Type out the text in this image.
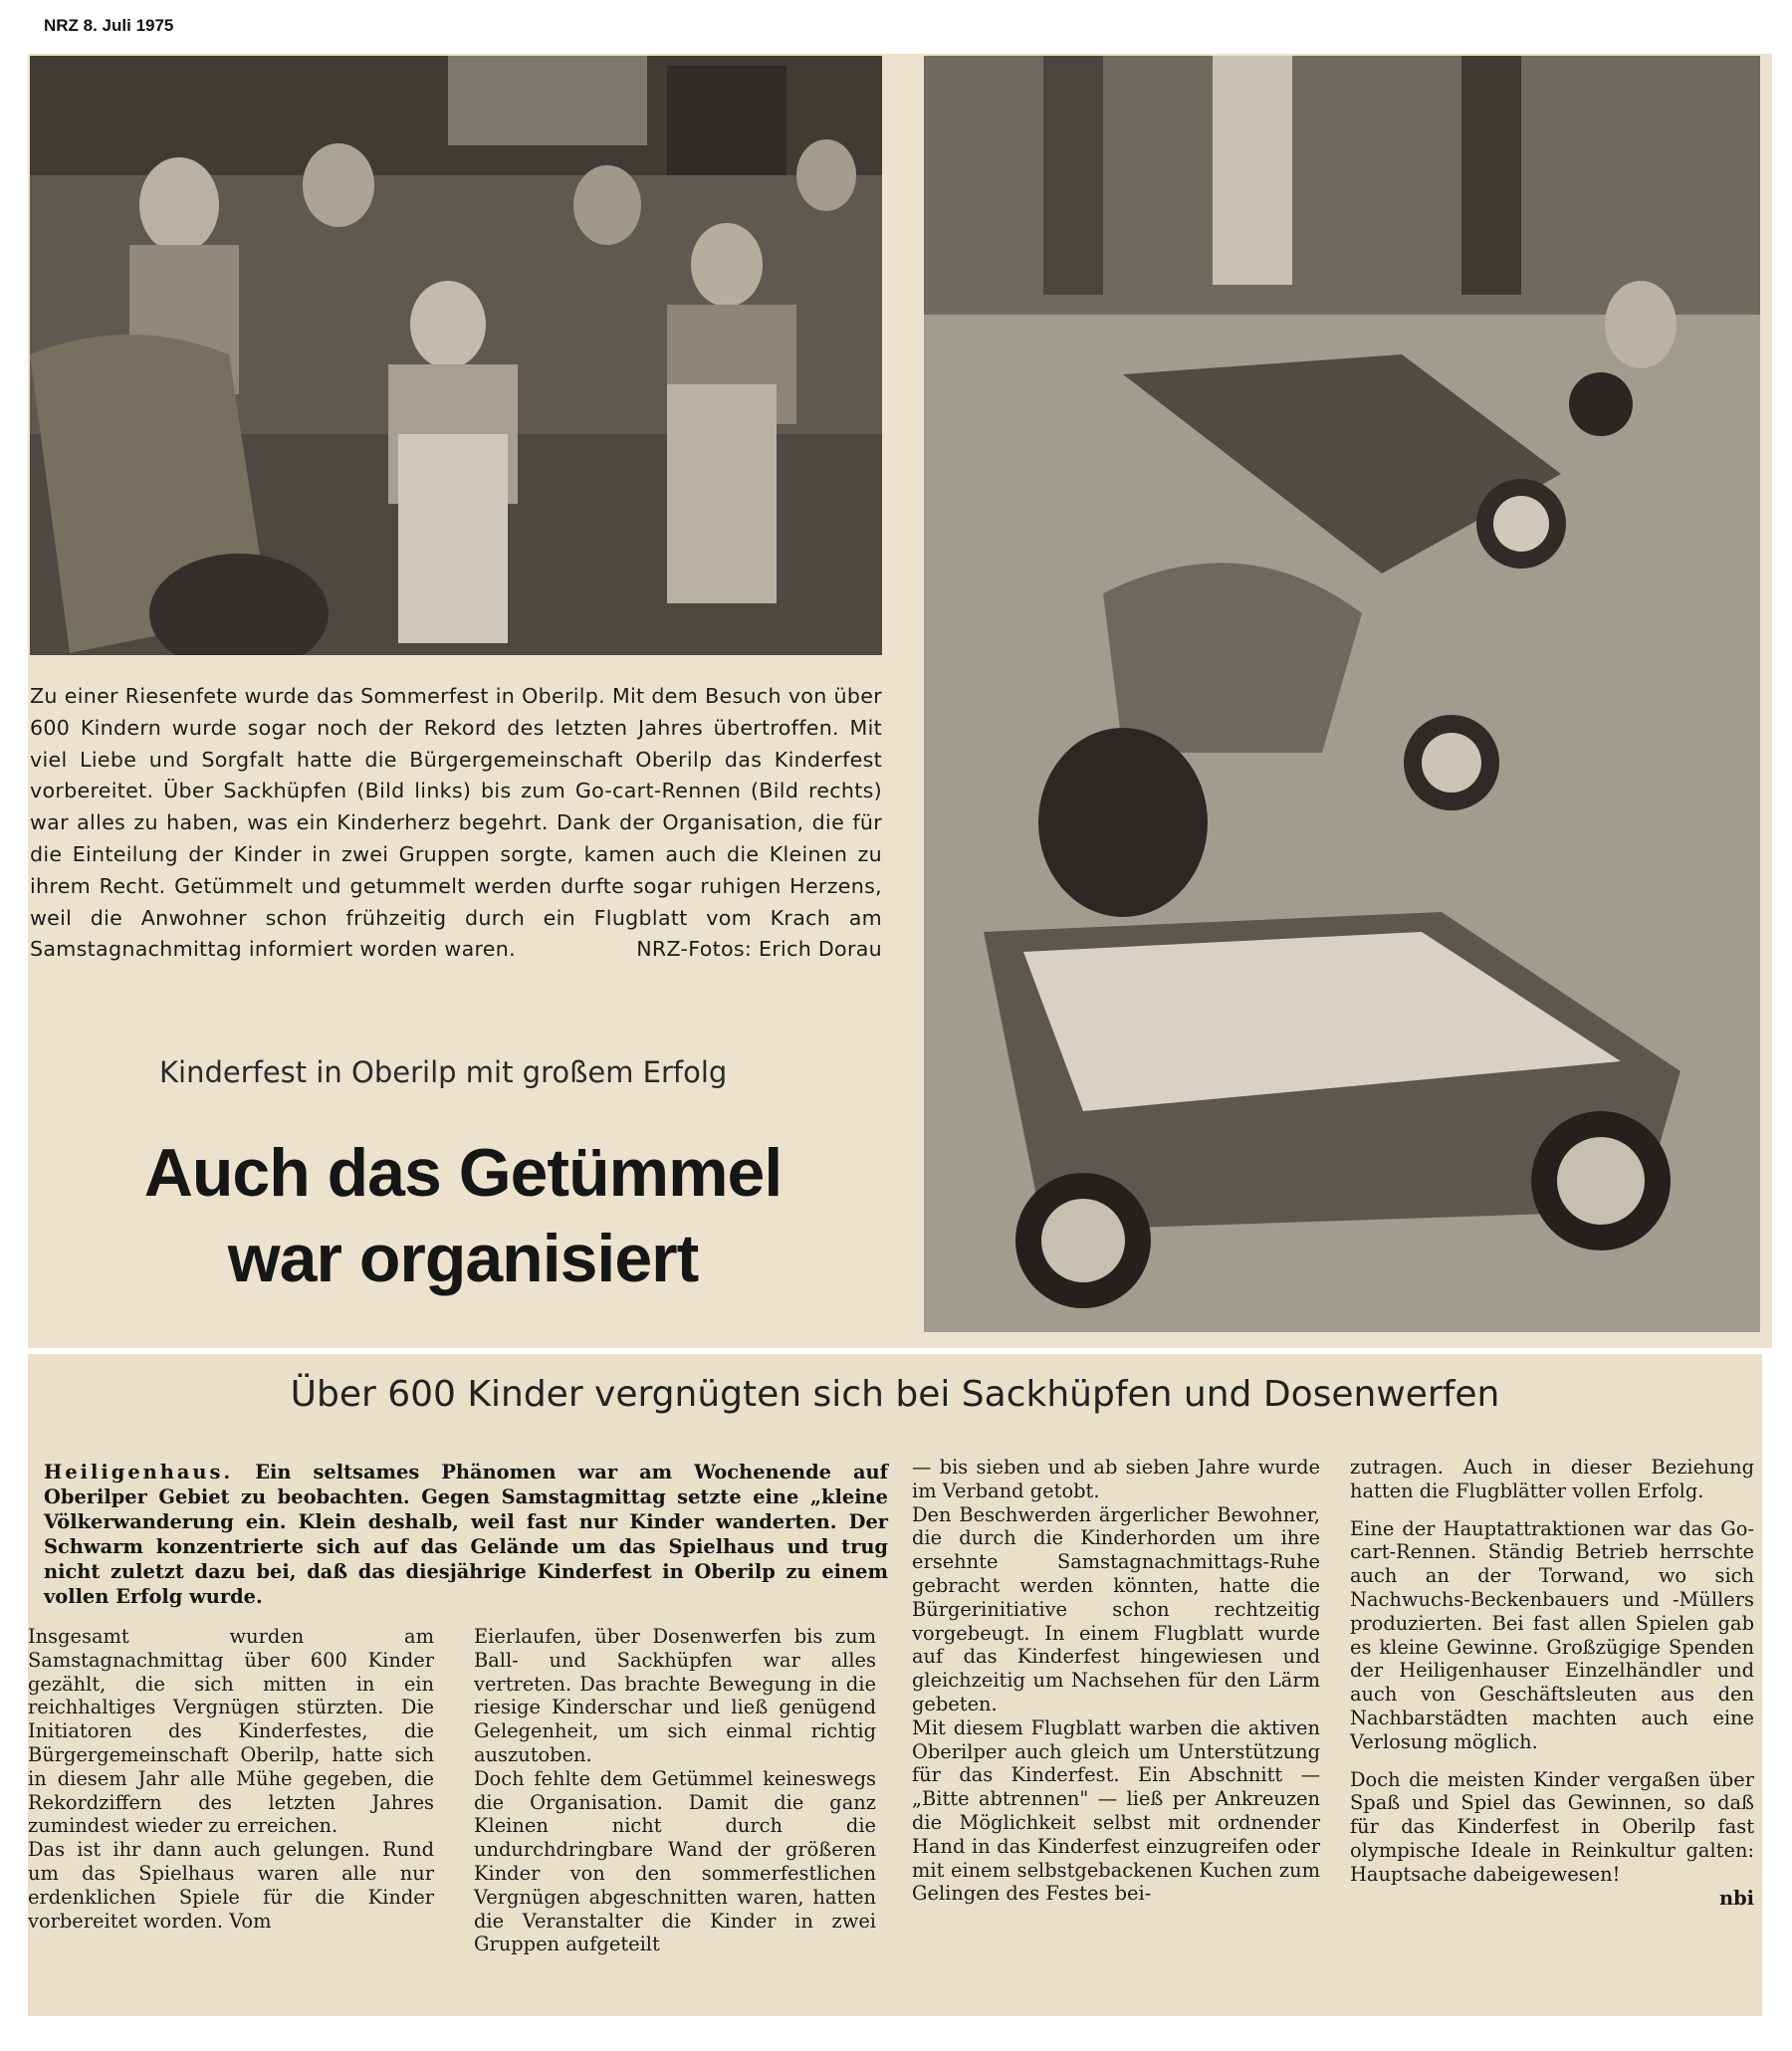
NRZ 8. Juli 1975
Zu einer Riesenfete wurde das Sommerfest in Oberilp. Mit dem Besuch von über 600 Kindern wurde sogar noch der Rekord des letzten Jahres übertroffen. Mit viel Liebe und Sorgfalt hatte die Bürgergemeinschaft Oberilp das Kinderfest vorbereitet. Über Sackhüpfen (Bild links) bis zum Go-cart-Rennen (Bild rechts) war alles zu haben, was ein Kinderherz begehrt. Dank der Organisation, die für die Einteilung der Kinder in zwei Gruppen sorgte, kamen auch die Kleinen zu ihrem Recht. Getümmelt und getummelt werden durfte sogar ruhigen Herzens, weil die Anwohner schon frühzeitig durch ein Flugblatt vom Krach am Samstagnachmittag informiert worden waren.	NRZ-Fotos: Erich Dorau
Kinderfest in Oberilp mit großem Erfolg
Auch das Getümmel
war organisiert
Über 600 Kinder vergnügten sich bei Sackhüpfen und Dosenwerfen
Heiligenhaus. Ein seltsames Phänomen war am Wochenende auf Oberilper Gebiet zu beobachten. Gegen Samstagmittag setzte eine „kleine Völkerwanderung ein. Klein deshalb, weil fast nur Kinder wanderten. Der Schwarm konzentrierte sich auf das Gelände um das Spielhaus und trug nicht zuletzt dazu bei, daß das diesjährige Kinderfest in Oberilp zu einem vollen Erfolg wurde.

Insgesamt wurden am Samstagnachmittag über 600 Kinder gezählt, die sich mitten in ein reichhaltiges Vergnügen stürzten. Die Initiatoren des Kinderfestes, die Bürgergemeinschaft Oberilp, hatte sich in diesem Jahr alle Mühe gegeben, die Rekordziffern des letzten Jahres zumindest wieder zu erreichen.

Das ist ihr dann auch gelungen. Rund um das Spielhaus waren alle nur erdenklichen Spiele für die Kinder vorbereitet worden. Vom

Eierlaufen, über Dosenwerfen bis zum Ball- und Sackhüpfen war alles vertreten. Das brachte Bewegung in die riesige Kinderschar und ließ genügend Gelegenheit, um sich einmal richtig auszutoben.

Doch fehlte dem Getümmel keineswegs die Organisation. Damit die ganz Kleinen nicht durch die undurchdringbare Wand der größeren Kinder von den sommerfestlichen Vergnügen abgeschnitten waren, hatten die Veranstalter die Kinder in zwei Gruppen aufgeteilt

— bis sieben und ab sieben Jahre wurde im Verband getobt.

Den Beschwerden ärgerlicher Bewohner, die durch die Kinderhorden um ihre ersehnte Samstagnachmittags-Ruhe gebracht werden könnten, hatte die Bürgerinitiative schon rechtzeitig vorgebeugt. In einem Flugblatt wurde auf das Kinderfest hingewiesen und gleichzeitig um Nachsehen für den Lärm gebeten.

Mit diesem Flugblatt warben die aktiven Oberilper auch gleich um Unterstützung für das Kinderfest. Ein Abschnitt — „Bitte abtrennen" — ließ per Ankreuzen die Möglichkeit selbst mit ordnender Hand in das Kinderfest einzugreifen oder mit einem selbstgebackenen Kuchen zum Gelingen des Festes bei-

zutragen. Auch in dieser Beziehung hatten die Flugblätter vollen Erfolg.

Eine der Hauptattraktionen war das Go-cart-Rennen. Ständig Betrieb herrschte auch an der Torwand, wo sich Nachwuchs-Beckenbauers und -Müllers produzierten. Bei fast allen Spielen gab es kleine Gewinne. Großzügige Spenden der Heiligenhauser Einzelhändler und auch von Geschäftsleuten aus den Nachbarstädten machten auch eine Verlosung möglich.

Doch die meisten Kinder vergaßen über Spaß und Spiel das Gewinnen, so daß für das Kinderfest in Oberilp fast olympische Ideale in Reinkultur galten: Hauptsache dabeigewesen!

nbi
